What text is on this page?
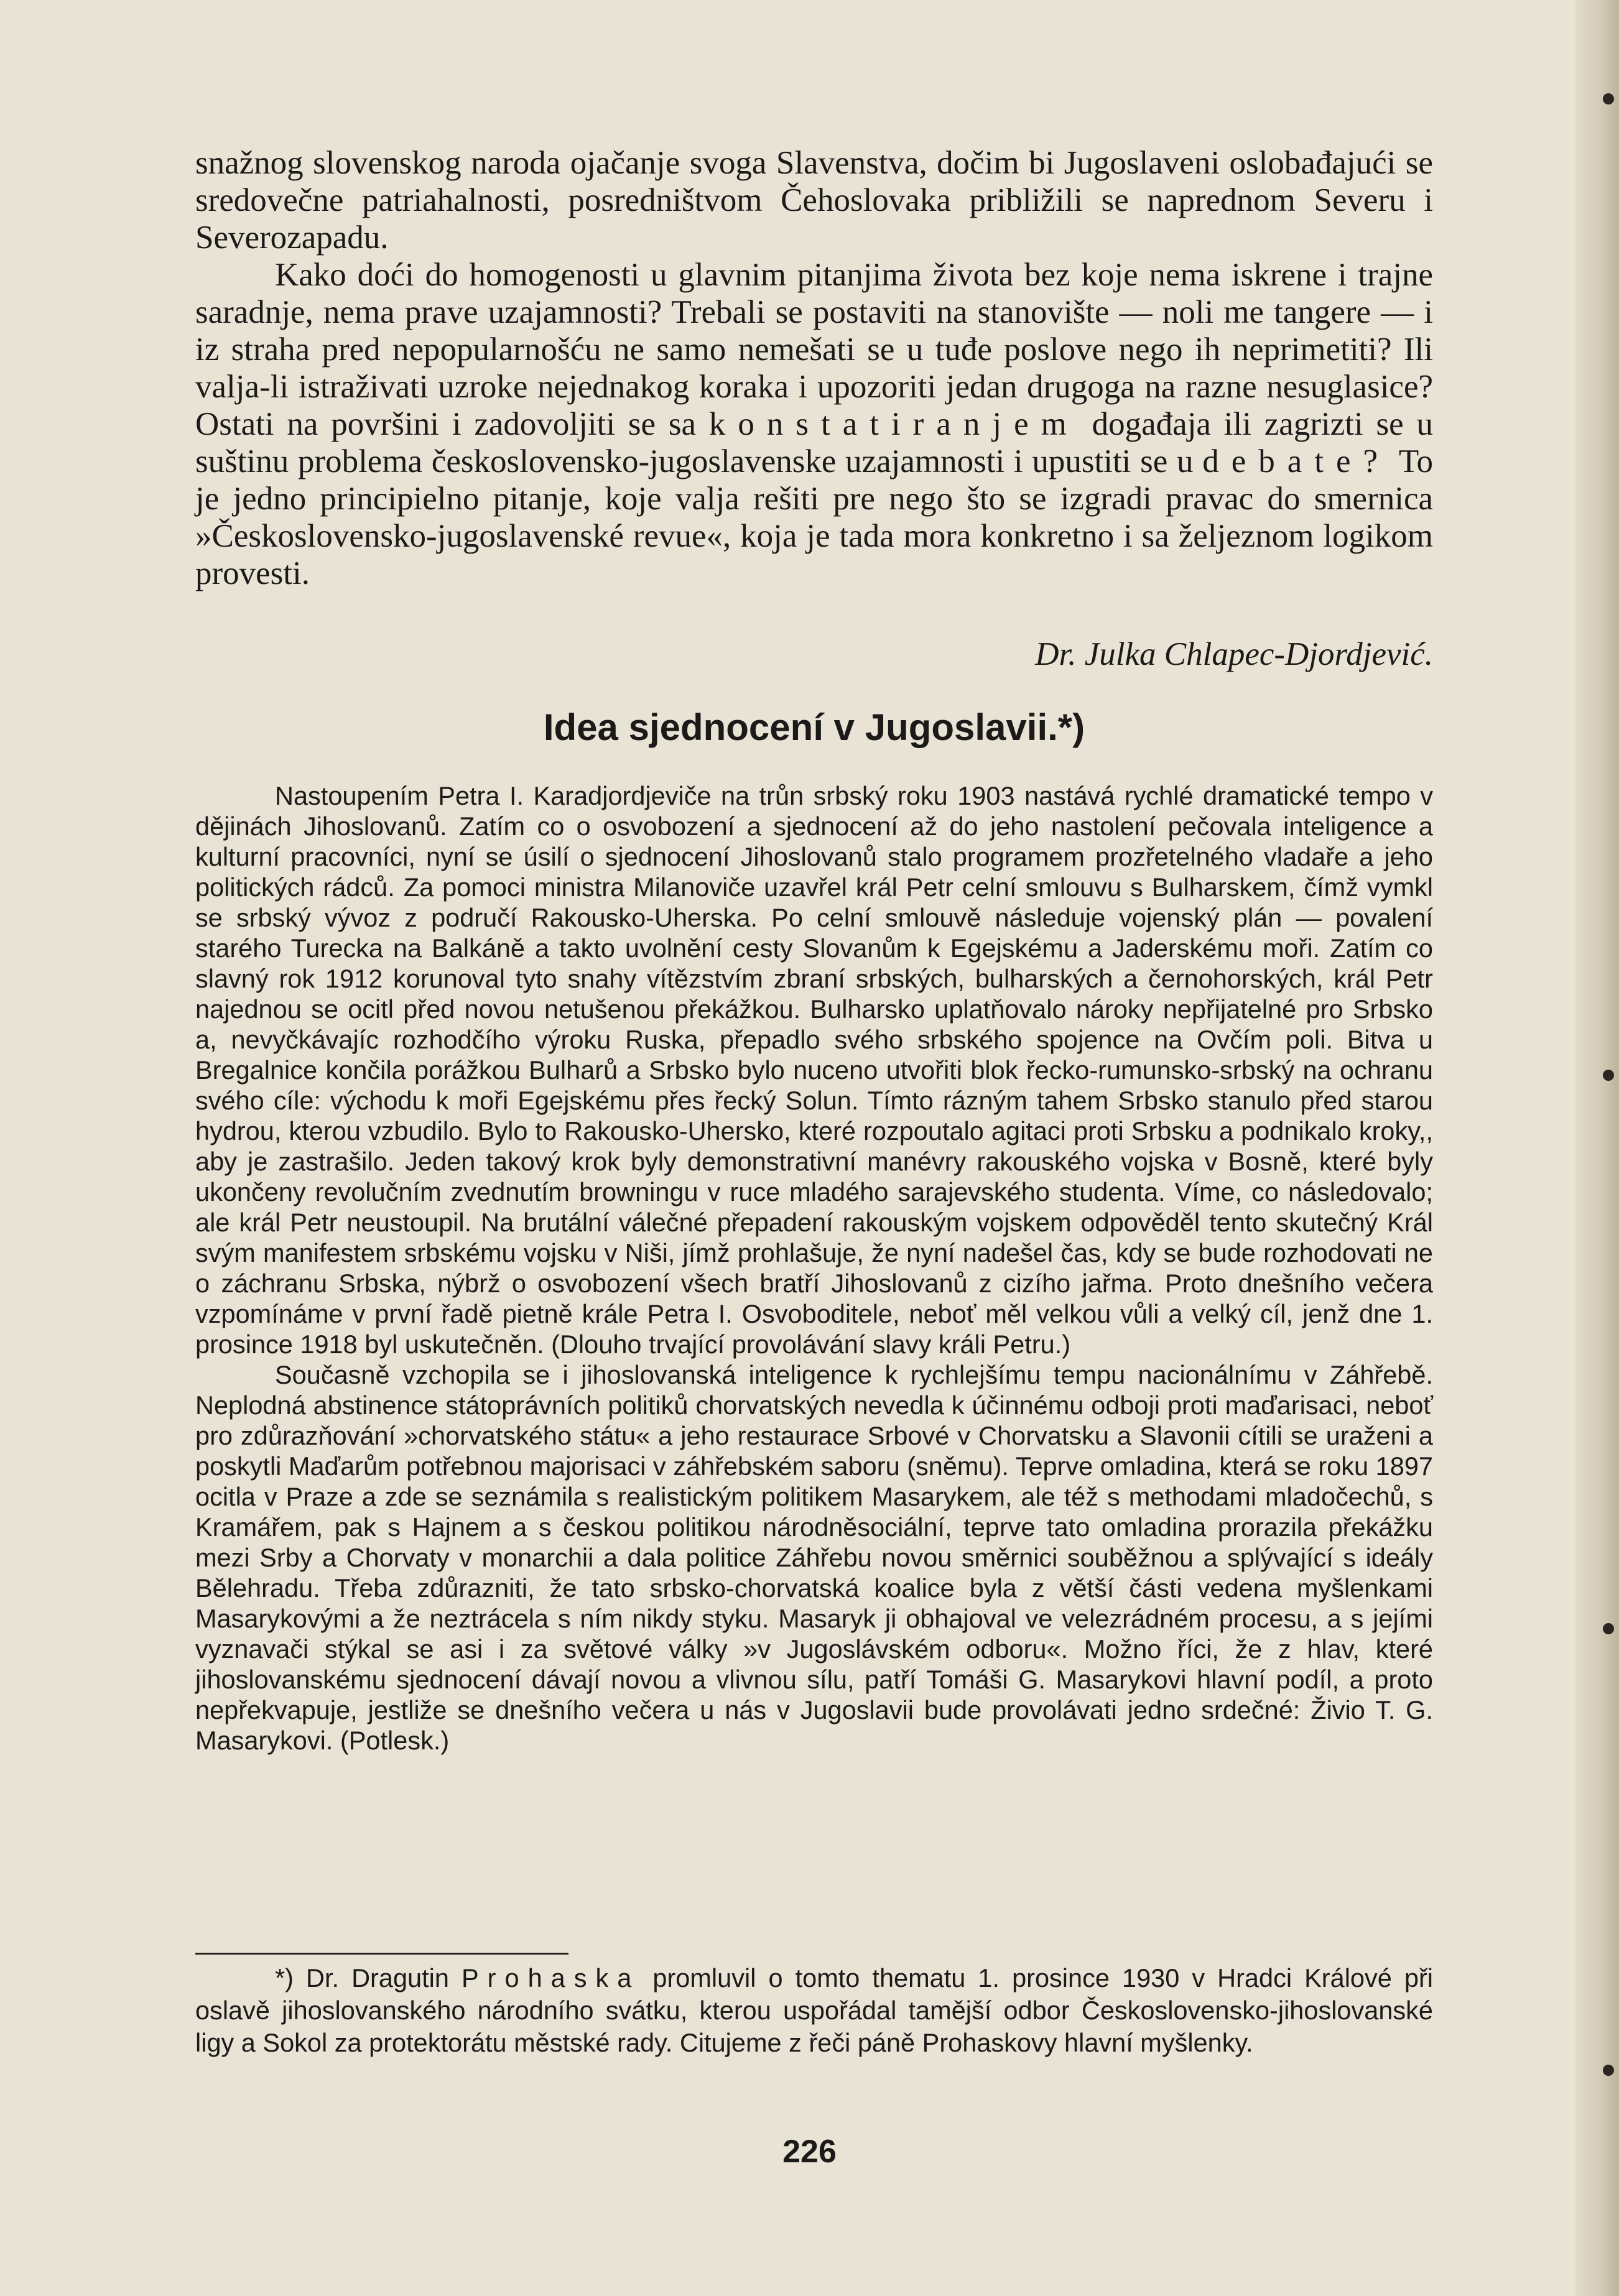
snažnog slovenskog naroda ojačanje svoga Slavenstva, dočim bi Jugoslaveni oslobađajući se sredovečne patriahalnosti, posredništvom Čehoslovaka približili se naprednom Severu i Severozapadu.

Kako doći do homogenosti u glavnim pitanjima života bez koje nema iskrene i trajne saradnje, nema prave uzajamnosti? Trebali se postaviti na stanovište — noli me tangere — i iz straha pred nepopularnošću ne samo nemešati se u tuđe poslove nego ih neprimetiti? Ili valja-li istraživati uzroke nejednakog koraka i upozoriti jedan drugoga na razne nesuglasice? Ostati na površini i zadovoljiti se sa konstatiranjem događaja ili zagrizti se u suštinu problema československo-jugoslavenske uzajamnosti i upustiti se u debate? To je jedno principielno pitanje, koje valja rešiti pre nego što se izgradi pravac do smernica »Československo-jugoslavenské revue«, koja je tada mora konkretno i sa željeznom logikom provesti.

Dr. Julka Chlapec-Djordjević.
Idea sjednocení v Jugoslavii.*)

Nastoupením Petra I. Karadjordjeviče na trůn srbský roku 1903 nastává rychlé dramatické tempo v dějinách Jihoslovanů. Zatím co o osvobození a sjednocení až do jeho nastolení pečovala inteligence a kulturní pracovníci, nyní se úsilí o sjednocení Jihoslovanů stalo programem prozřetelného vladaře a jeho politických rádců. Za pomoci ministra Milanoviče uzavřel král Petr celní smlouvu s Bulharskem, čímž vymkl se srbský vývoz z područí Rakousko-Uherska. Po celní smlouvě následuje vojenský plán — povalení starého Turecka na Balkáně a takto uvolnění cesty Slovanům k Egejskému a Jaderskému moři. Zatím co slavný rok 1912 korunoval tyto snahy vítězstvím zbraní srbských, bulharských a černohorských, král Petr najednou se ocitl před novou netušenou překážkou. Bulharsko uplatňovalo nároky nepřijatelné pro Srbsko a, nevyčkávajíc rozhodčího výroku Ruska, přepadlo svého srbského spojence na Ovčím poli. Bitva u Bregalnice končila porážkou Bulharů a Srbsko bylo nuceno utvořiti blok řecko-rumunsko-srbský na ochranu svého cíle: východu k moři Egejskému přes řecký Solun. Tímto rázným tahem Srbsko stanulo před starou hydrou, kterou vzbudilo. Bylo to Rakousko-Uhersko, které rozpoutalo agitaci proti Srbsku a podnikalo kroky,, aby je zastrašilo. Jeden takový krok byly demonstrativní manévry rakouského vojska v Bosně, které byly ukončeny revolučním zvednutím browningu v ruce mladého sarajevského studenta. Víme, co následovalo; ale král Petr neustoupil. Na brutální válečné přepadení rakouským vojskem odpověděl tento skutečný Král svým manifestem srbskému vojsku v Niši, jímž prohlašuje, že nyní nadešel čas, kdy se bude rozhodovati ne o záchranu Srbska, nýbrž o osvobození všech bratří Jihoslovanů z cizího jařma. Proto dnešního večera vzpomínáme v první řadě pietně krále Petra I. Osvoboditele, neboť měl velkou vůli a velký cíl, jenž dne 1. prosince 1918 byl uskutečněn. (Dlouho trvající provolávání slavy králi Petru.)

Současně vzchopila se i jihoslovanská inteligence k rychlejšímu tempu nacionálnímu v Záhřebě. Neplodná abstinence státoprávních politiků chorvatských nevedla k účinnému odboji proti maďarisaci, neboť pro zdůrazňování »chorvatského státu« a jeho restaurace Srbové v Chorvatsku a Slavonii cítili se uraženi a poskytli Maďarům potřebnou majorisaci v záhřebském saboru (sněmu). Teprve omladina, která se roku 1897 ocitla v Praze a zde se seznámila s realistickým politikem Masarykem, ale též s methodami mladočechů, s Kramářem, pak s Hajnem a s českou politikou národněsociální, teprve tato omladina prorazila překážku mezi Srby a Chorvaty v monarchii a dala politice Záhřebu novou směrnici souběžnou a splývající s ideály Bělehradu. Třeba zdůrazniti, že tato srbsko-chorvatská koalice byla z větší části vedena myšlenkami Masarykovými a že neztrácela s ním nikdy styku. Masaryk ji obhajoval ve velezrádném procesu, a s jejími vyznavači stýkal se asi i za světové války »v Jugoslávském odboru«. Možno říci, že z hlav, které jihoslovanskému sjednocení dávají novou a vlivnou sílu, patří Tomáši G. Masarykovi hlavní podíl, a proto nepřekvapuje, jestliže se dnešního večera u nás v Jugoslavii bude provolávati jedno srdečné: Živio T. G. Masarykovi. (Potlesk.)

*) Dr. Dragutin Prohaska promluvil o tomto thematu 1. prosince 1930 v Hradci Králové při oslavě jihoslovanského národního svátku, kterou uspořádal tamější odbor Československo-jihoslovanské ligy a Sokol za protektorátu městské rady. Citujeme z řeči páně Prohaskovy hlavní myšlenky.

226
